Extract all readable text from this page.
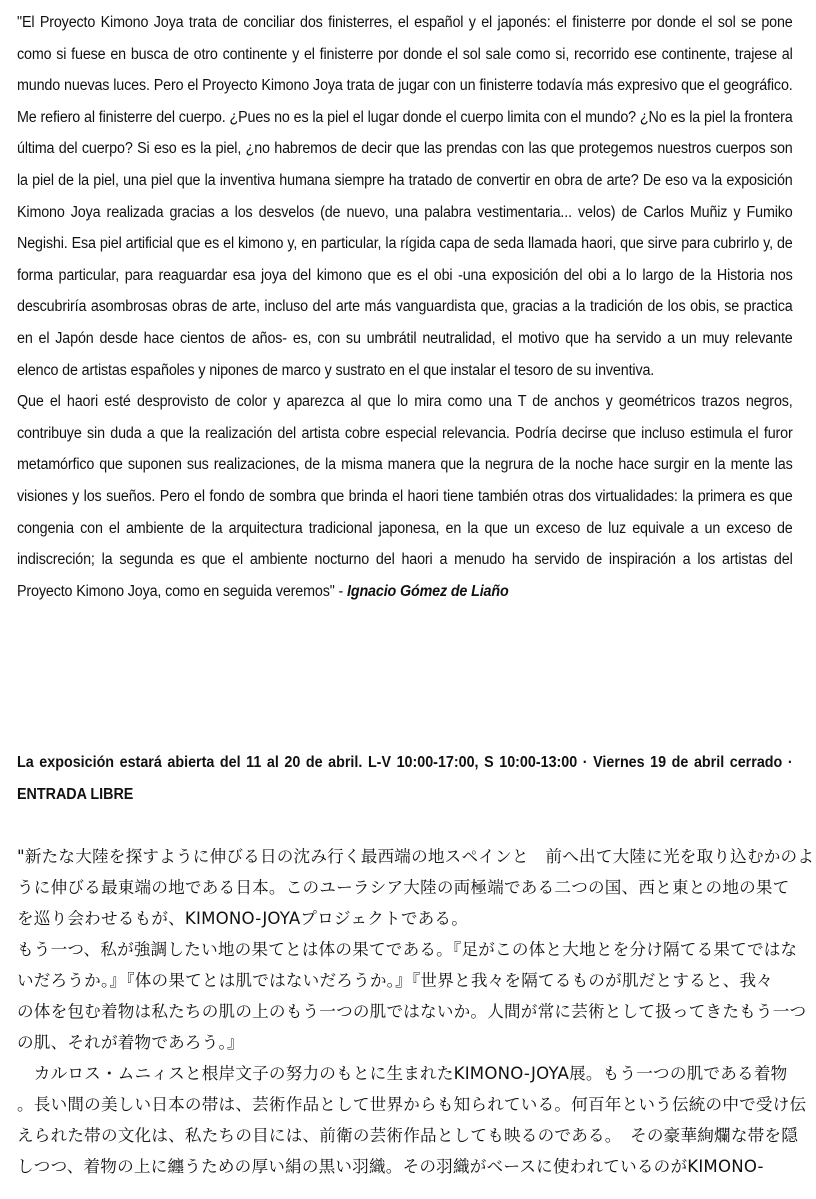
"El Proyecto Kimono Joya trata de conciliar dos finisterres, el español y el japonés: el finisterre por donde el sol se pone como si fuese en busca de otro continente y el finisterre por donde el sol sale como si, recorrido ese continente, trajese al mundo nuevas luces. Pero el Proyecto Kimono Joya trata de jugar con un finisterre todavía más expresivo que el geográfico. Me refiero al finisterre del cuerpo. ¿Pues no es la piel el lugar donde el cuerpo limita con el mundo? ¿No es la piel la frontera última del cuerpo? Si eso es la piel, ¿no habremos de decir que las prendas con las que protegemos nuestros cuerpos son la piel de la piel, una piel que la inventiva humana siempre ha tratado de convertir en obra de arte? De eso va la exposición Kimono Joya realizada gracias a los desvelos (de nuevo, una palabra vestimentaria... velos) de Carlos Muñiz y Fumiko Negishi. Esa piel artificial que es el kimono y, en particular, la rígida capa de seda llamada haori, que sirve para cubrirlo y, de forma particular, para reaguardar esa joya del kimono que es el obi -una exposición del obi a lo largo de la Historia nos descubriría asombrosas obras de arte, incluso del arte más vanguardista que, gracias a la tradición de los obis, se practica en el Japón desde hace cientos de años- es, con su umbrátil neutralidad, el motivo que ha servido a un muy relevante elenco de artistas españoles y nipones de marco y sustrato en el que instalar el tesoro de su inventiva.

Que el haori esté desprovisto de color y aparezca al que lo mira como una T de anchos y geométricos trazos negros, contribuye sin duda a que la realización del artista cobre especial relevancia. Podría decirse que incluso estimula el furor metamórfico que suponen sus realizaciones, de la misma manera que la negrura de la noche hace surgir en la mente las visiones y los sueños. Pero el fondo de sombra que brinda el haori tiene también otras dos virtualidades: la primera es que congenia con el ambiente de la arquitectura tradicional japonesa, en la que un exceso de luz equivale a un exceso de indiscreción; la segunda es que el ambiente nocturno del haori a menudo ha servido de inspiración a los artistas del Proyecto Kimono Joya, como en seguida veremos" - Ignacio Gómez de Liaño

La exposición estará abierta del 11 al 20 de abril. L-V 10:00-17:00, S 10:00-13:00 · Viernes 19 de abril cerrado · ENTRADA LIBRE

"新たな大陸を探すように伸びる日の沈み行く最西端の地スペインと　前へ出て大陸に光を取り込むかのよ
うに伸びる最東端の地である日本。このユーラシア大陸の両極端である二つの国、西と東との地の果て
を巡り会わせるもが、KIMONO-JOYAプロジェクトである。
もう一つ、私が強調したい地の果てとは体の果てである。『足がこの体と大地とを分け隔てる果てではな
いだろうか。』『体の果てとは肌ではないだろうか。』『世界と我々を隔てるものが肌だとすると、我々
の体を包む着物は私たちの肌の上のもう一つの肌ではないか。人間が常に芸術として扱ってきたもう一つ
の肌、それが着物であろう。』
　カルロス・ムニィスと根岸文子の努力のもとに生まれたKIMONO-JOYA展。もう一つの肌である着物
。長い間の美しい日本の帯は、芸術作品として世界からも知られている。何百年という伝統の中で受け伝
えられた帯の文化は、私たちの目には、前衛の芸術作品としても映るのである。　その豪華絢爛な帯を隠
しつつ、着物の上に纏うための厚い絹の黒い羽織。その羽織がベースに使われているのがKIMONO-
